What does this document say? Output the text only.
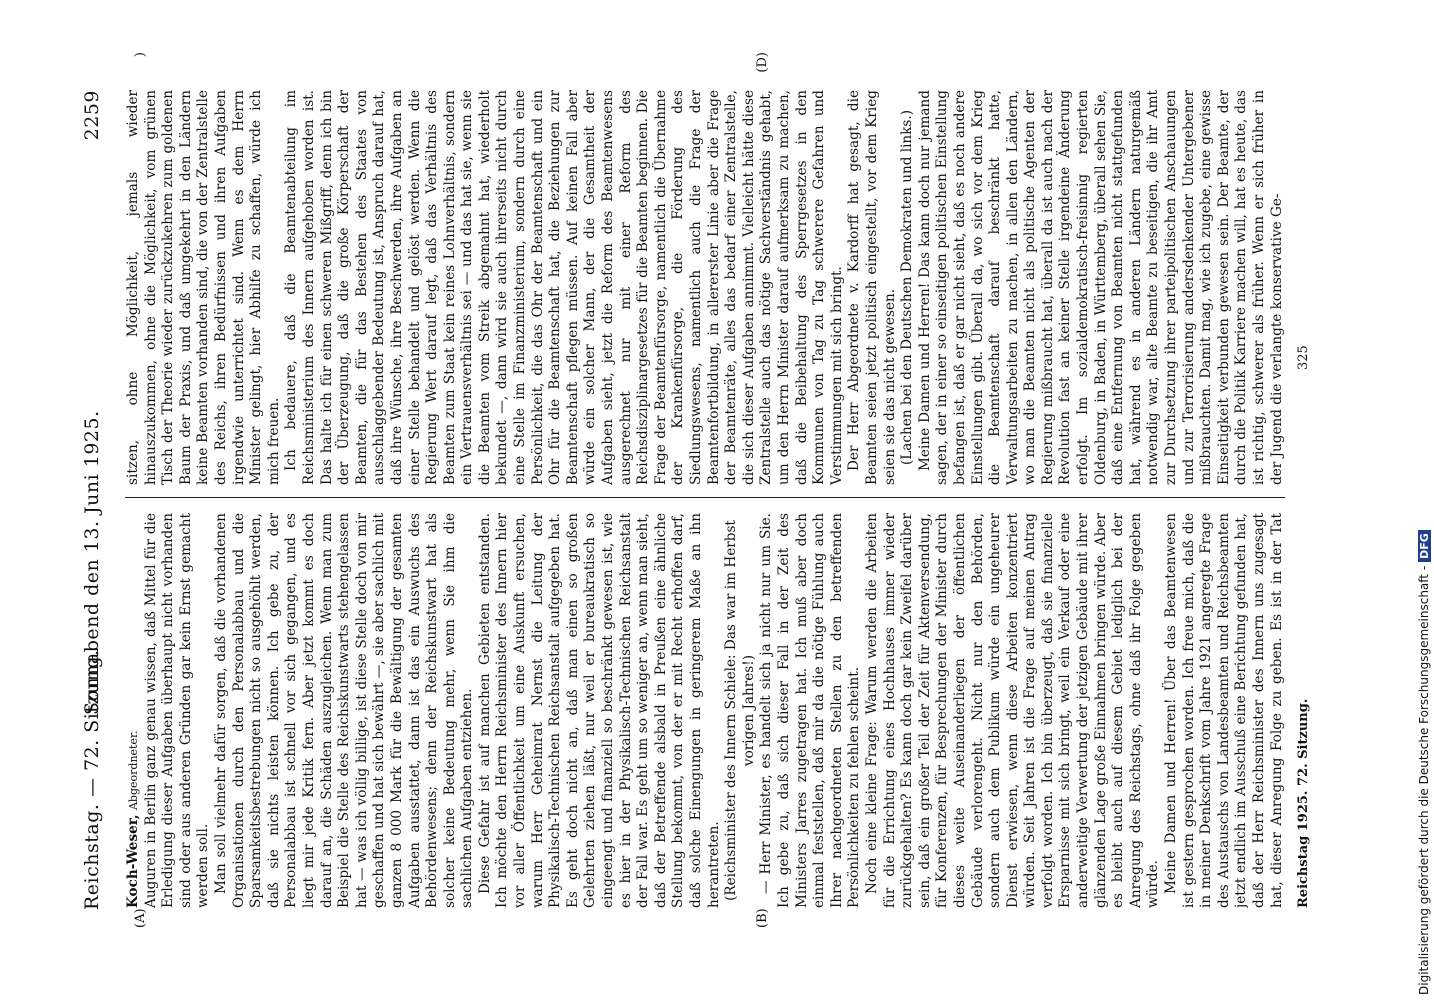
Reichstag. — 72. Sitzung.
Sonnabend den 13. Juni 1925.
2259
(A)	(B)
)	(D)

Koch-Weser, Abgeordneter. Auguren in Berlin ganz genau wissen, daß Mittel für die Erledigung dieser Aufgaben überhaupt nicht vorhanden sind oder aus anderen Gründen gar kein Ernst gemacht werden soll. Man soll vielmehr dafür sorgen, daß die vorhandenen Organisationen durch den Personalabbau und die Sparsamkeitsbestrebungen nicht so ausgehöhlt werden, daß sie nichts leisten können. Ich gebe zu, der Personalabbau ist schnell vor sich gegangen, und es liegt mir jede Kritik fern. Aber jetzt kommt es doch darauf an, die Schäden auszugleichen. Wenn man zum Beispiel die Stelle des Reichskunstwarts stehengelassen hat — was ich völlig billige, ist diese Stelle doch von mir geschaffen und hat sich bewährt —, sie aber sachlich mit ganzen 8 000 Mark für die Bewältigung der gesamten Aufgaben ausstattet, dann ist das ein Auswuchs des Behördenwesens; denn der Reichskunstwart hat als solcher keine Bedeutung mehr, wenn Sie ihm die sachlichen Aufgaben entziehen. Diese Gefahr ist auf manchen Gebieten entstanden. Ich möchte den Herrn Reichsminister des Innern hier vor aller Öffentlichkeit um eine Auskunft ersuchen, warum Herr Geheimrat Nernst die Leitung der Physikalisch-Technischen Reichsanstalt aufgegeben hat. Es geht doch nicht an, daß man einen so großen Gelehrten ziehen läßt, nur weil er bureaukratisch so eingeengt und finanziell so beschränkt gewesen ist, wie es hier in der Physikalisch-Technischen Reichsanstalt der Fall war. Es geht um so weniger an, wenn man sieht, daß der Betreffende alsbald in Preußen eine ähnliche Stellung bekommt, von der er mit Recht erhoffen darf, daß solche Einengungen in geringerem Maße an ihn herantreten. (Reichsminister des Innern Schiele: Das war im Herbst vorigen Jahres!) — Herr Minister, es handelt sich ja nicht nur um Sie. Ich gebe zu, daß sich dieser Fall in der Zeit des Ministers Jarres zugetragen hat. Ich muß aber doch einmal feststellen, daß mir da die nötige Fühlung auch Ihrer nachgeordneten Stellen zu den betreffenden Persönlichkeiten zu fehlen scheint. Noch eine kleine Frage: Warum werden die Arbeiten für die Errichtung eines Hochhauses immer wieder zurückgehalten? Es kann doch gar kein Zweifel darüber sein, daß ein großer Teil der Zeit für Aktenversendung, für Konferenzen, für Besprechungen der Minister durch dieses weite Auseinanderliegen der öffentlichen Gebäude verlorengeht. Nicht nur den Behörden, sondern auch dem Publikum würde ein ungeheurer Dienst erwiesen, wenn diese Arbeiten konzentriert würden. Seit Jahren ist die Frage auf meinen Antrag verfolgt worden. Ich bin überzeugt, daß sie finanzielle Ersparnisse mit sich bringt, weil ein Verkauf oder eine anderweitige Verwertung der jetzigen Gebäude mit ihrer glänzenden Lage große Einnahmen bringen würde. Aber es bleibt auch auf diesem Gebiet lediglich bei der Anregung des Reichstags, ohne daß ihr Folge gegeben würde. Meine Damen und Herren! Über das Beamtenwesen ist gestern gesprochen worden. Ich freue mich, daß die in meiner Denkschrift vom Jahre 1921 angeregte Frage des Austauschs von Landesbeamten und Reichsbeamten jetzt endlich im Ausschuß eine Berichtung gefunden hat, daß der Herr Reichsminister des Innern uns zugesagt hat, dieser Anregung Folge zu geben. Es ist in der Tat

sitzen, ohne Möglichkeit, jemals wieder hinauszukommen, ohne die Möglichkeit, vom grünen Tisch der Theorie wieder zurückzukehren zum goldenen Baum der Praxis, und daß umgekehrt in den Ländern keine Beamten vorhanden sind, die von der Zentralstelle des Reichs, ihren Bedürfnissen und ihren Aufgaben irgendwie unterrichtet sind. Wenn es dem Herrn Minister gelingt, hier Abhilfe zu schaffen, würde ich mich freuen. Ich bedauere, daß die Beamtenabteilung im Reichsministerium des Innern aufgehoben worden ist. Das halte ich für einen schweren Mißgriff, denn ich bin der Überzeugung, daß die große Körperschaft der Beamten, die für das Bestehen des Staates von ausschlaggebender Bedeutung ist, Anspruch darauf hat, daß ihre Wünsche, ihre Beschwerden, ihre Aufgaben an einer Stelle behandelt und gelöst werden. Wenn die Regierung Wert darauf legt, daß das Verhältnis des Beamten zum Staat kein reines Lohnverhältnis, sondern ein Vertrauensverhältnis sei — und das hat sie, wenn sie die Beamten vom Streik abgemahnt hat, wiederholt bekundet —, dann wird sie auch ihrerseits nicht durch eine Stelle im Finanzministerium, sondern durch eine Persönlichkeit, die das Ohr der Beamtenschaft und ein Ohr für die Beamtenschaft hat, die Beziehungen zur Beamtenschaft pflegen müssen. Auf keinen Fall aber würde ein solcher Mann, der die Gesamtheit der Aufgaben sieht, jetzt die Reform des Beamtenwesens ausgerechnet nur mit einer Reform des Reichsdisziplinargesetzes für die Beamten beginnen. Die Frage der Beamtenfürsorge, namentlich die Übernahme der Krankenfürsorge, die Förderung des Siedlungswesens, namentlich auch die Frage der Beamtenfortbildung, in allererster Linie aber die Frage der Beamtenräte, alles das bedarf einer Zentralstelle, die sich dieser Aufgaben annimmt. Vielleicht hätte diese Zentralstelle auch das nötige Sachverständnis gehabt, um den Herrn Minister darauf aufmerksam zu machen, daß die Beibehaltung des Sperrgesetzes in den Kommunen von Tag zu Tag schwerere Gefahren und Verstimmungen mit sich bringt. Der Herr Abgeordnete v. Kardorff hat gesagt, die Beamten seien jetzt politisch eingestellt, vor dem Krieg seien sie das nicht gewesen. (Lachen bei den Deutschen Demokraten und links.) Meine Damen und Herren! Das kann doch nur jemand sagen, der in einer so einseitigen politischen Einstellung befangen ist, daß er gar nicht sieht, daß es noch andere Einstellungen gibt. Überall da, wo sich vor dem Krieg die Beamtenschaft darauf beschränkt hatte, Verwaltungsarbeiten zu machen, in allen den Ländern, wo man die Beamten nicht als politische Agenten der Regierung mißbraucht hat, überall da ist auch nach der Revolution fast an keiner Stelle irgendeine Änderung erfolgt. Im sozialdemokratisch-freisinnig regierten Oldenburg, in Baden, in Württemberg, überall sehen Sie, daß eine Entfernung von Beamten nicht stattgefunden hat, während es in anderen Ländern naturgemäß notwendig war, alte Beamte zu beseitigen, die ihr Amt zur Durchsetzung ihrer parteipolitischen Anschauungen und zur Terrorisierung andersdenkender Untergebener mißbrauchten. Damit mag, wie ich zugebe, eine gewisse Einseitigkeit verbunden gewesen sein. Der Beamte, der durch die Politik Karriere machen will, hat es heute, das ist richtig, schwerer als früher. Wenn er sich früher in der Jugend die verlangte konservative Ge-

Reichstag 1925. 72. Sitzung.
325
Digitalisierung gefördert durch die Deutsche Forschungsgemeinschaft -DFG
